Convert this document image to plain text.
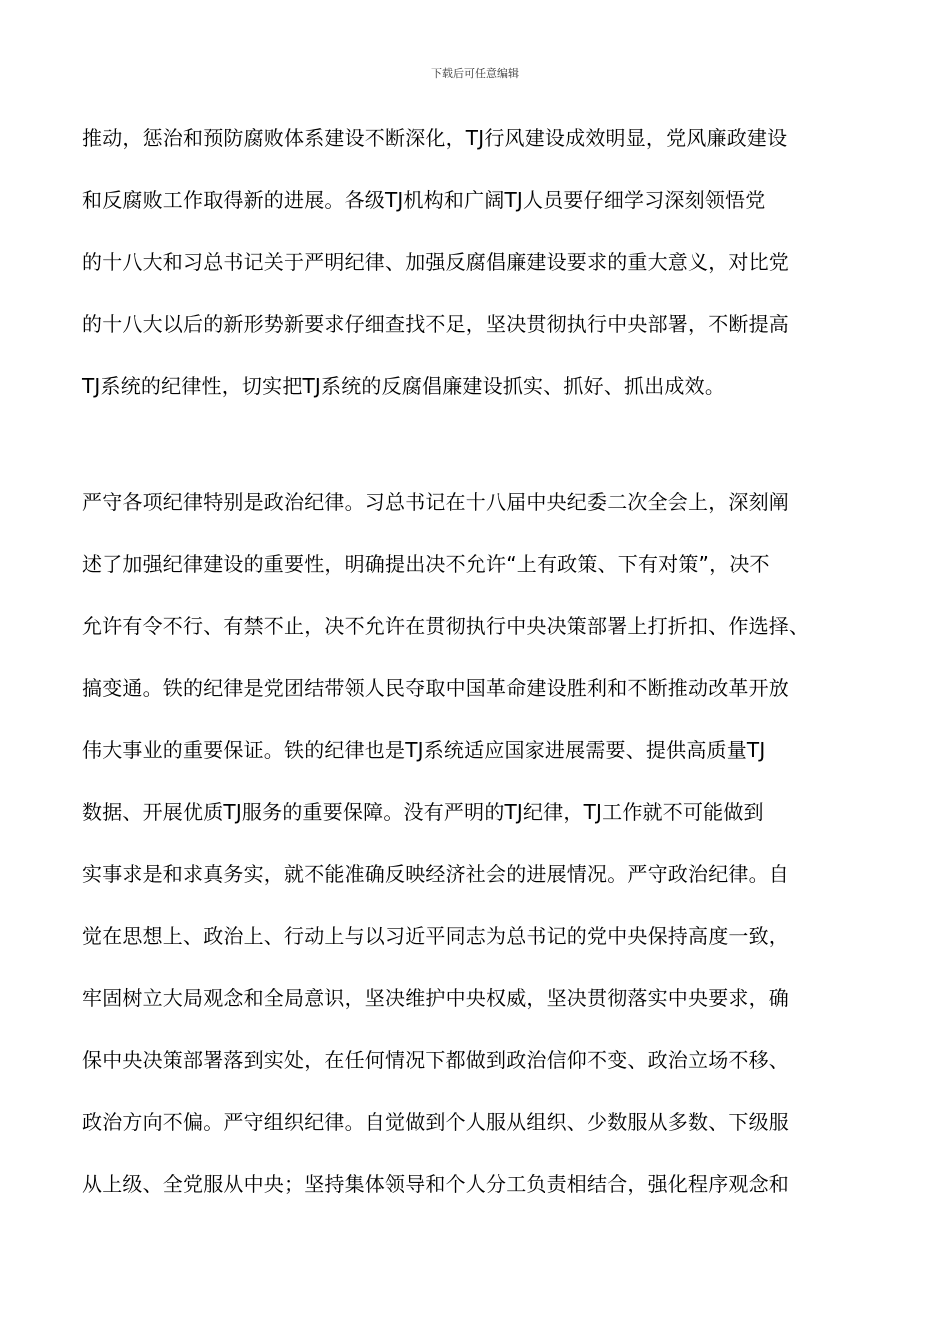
下载后可任意编辑
推动，惩治和预防腐败体系建设不断深化，TJ行风建设成效明显，党风廉政建设
和反腐败工作取得新的进展。各级TJ机构和广阔TJ人员要仔细学习深刻领悟党
的十八大和习总书记关于严明纪律、加强反腐倡廉建设要求的重大意义，对比党
的十八大以后的新形势新要求仔细查找不足，坚决贯彻执行中央部署，不断提高
TJ系统的纪律性，切实把TJ系统的反腐倡廉建设抓实、抓好、抓出成效。
严守各项纪律特别是政治纪律。习总书记在十八届中央纪委二次全会上，深刻阐
述了加强纪律建设的重要性，明确提出决不允许“上有政策、下有对策”，决不
允许有令不行、有禁不止，决不允许在贯彻执行中央决策部署上打折扣、作选择、
搞变通。铁的纪律是党团结带领人民夺取中国革命建设胜利和不断推动改革开放
伟大事业的重要保证。铁的纪律也是TJ系统适应国家进展需要、提供高质量TJ
数据、开展优质TJ服务的重要保障。没有严明的TJ纪律，TJ工作就不可能做到
实事求是和求真务实，就不能准确反映经济社会的进展情况。严守政治纪律。自
觉在思想上、政治上、行动上与以习近平同志为总书记的党中央保持高度一致，
牢固树立大局观念和全局意识，坚决维护中央权威，坚决贯彻落实中央要求，确
保中央决策部署落到实处，在任何情况下都做到政治信仰不变、政治立场不移、
政治方向不偏。严守组织纪律。自觉做到个人服从组织、少数服从多数、下级服
从上级、全党服从中央；坚持集体领导和个人分工负责相结合，强化程序观念和
